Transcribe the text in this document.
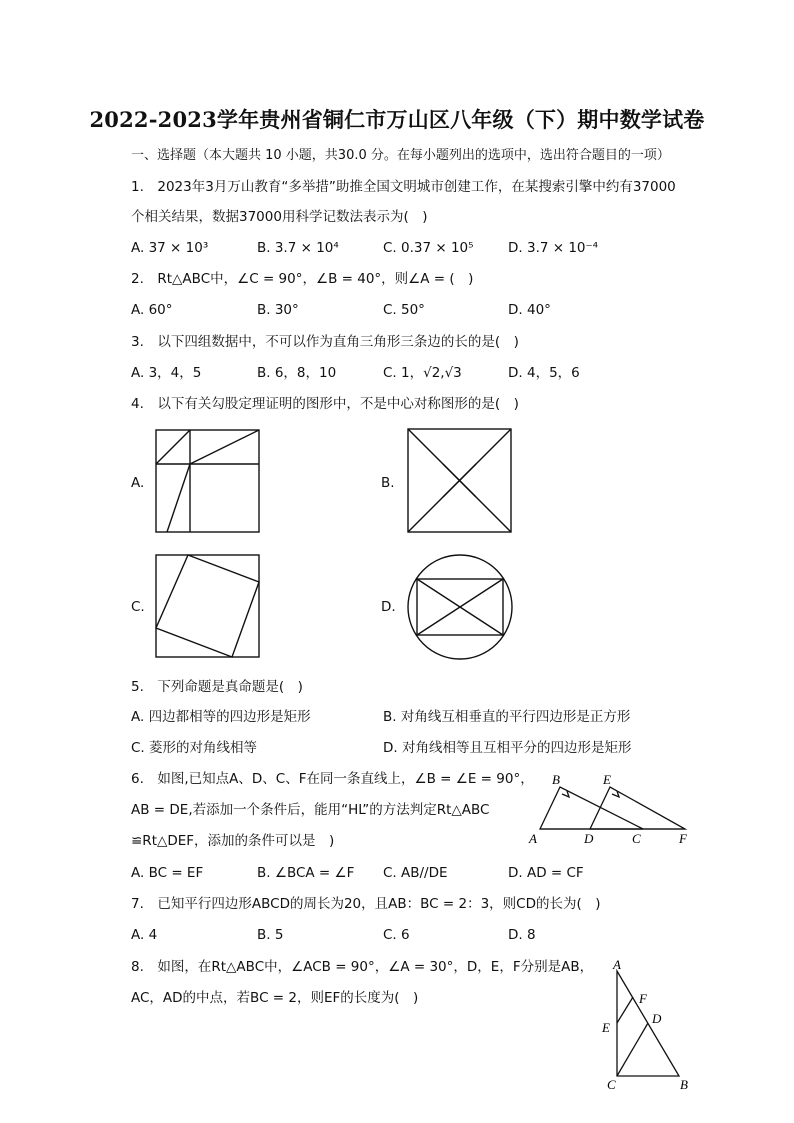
2022-2023学年贵州省铜仁市万山区八年级（下）期中数学试卷
一、选择题（本大题共 10 小题，共30.0 分。在每小题列出的选项中，选出符合题目的一项）
1.　2023年3月万山教育“多举措”助推全国文明城市创建工作，在某搜索引擎中约有37000
个相关结果，数据37000用科学记数法表示为(　)
A. 37 × 10³	B. 3.7 × 10⁴	C. 0.37 × 10⁵	D. 3.7 × 10⁻⁴
2.　Rt△ABC中，∠C = 90°，∠B = 40°，则∠A = (　)
A. 60°	B. 30°	C. 50°	D. 40°
3.　以下四组数据中，不可以作为直角三角形三条边的长的是(　)
A. 3，4，5	B. 6，8，10	C. 1，√2,√3	D. 4，5，6
4.　以下有关勾股定理证明的图形中，不是中心对称图形的是(　)
A.	B.
C.	D.
5.　下列命题是真命题是(　)
A. 四边都相等的四边形是矩形	B. 对角线互相垂直的平行四边形是正方形
C. 菱形的对角线相等	D. 对角线相等且互相平分的四边形是矩形
6.　如图,已知点A、D、C、F在同一条直线上，∠B = ∠E = 90°，
AB = DE,若添加一个条件后，能用“HL”的方法判定Rt△ABC
≌Rt△DEF，添加的条件可以是　)
A. BC = EF	B. ∠BCA = ∠F C. AB//DE	D. AD = CF
B	E
A	D	C	F
7.　已知平行四边形ABCD的周长为20，且AB：BC = 2：3，则CD的长为(　)
A. 4	B. 5	C. 6	D. 8
8.　如图，在Rt△ABC中，∠ACB = 90°，∠A = 30°，D，E，F分别是AB，
AC，AD的中点，若BC = 2，则EF的长度为(　)
A
F
D
E
C	B
